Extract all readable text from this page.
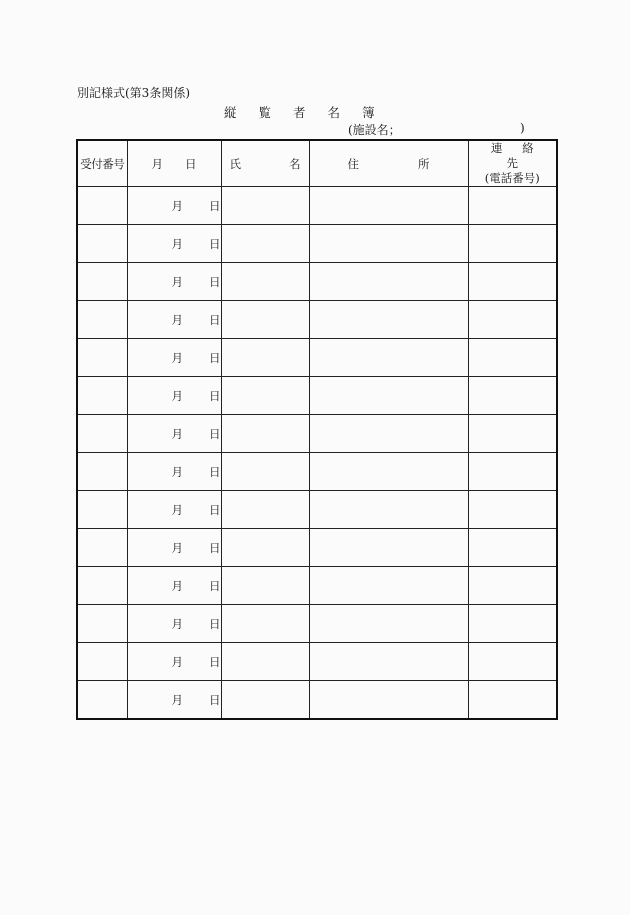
別記様式(第3条関係)
縦 覧 者 名 簿
(施設名；	)
受付番号	月 日	氏 名	住 所	連 絡 先
(電話番号)

	月 日			
	月 日			
	月 日			
	月 日			
	月 日			
	月 日			
	月 日			
	月 日			
	月 日			
	月 日			
	月 日			
	月 日			
	月 日			
	月 日			
